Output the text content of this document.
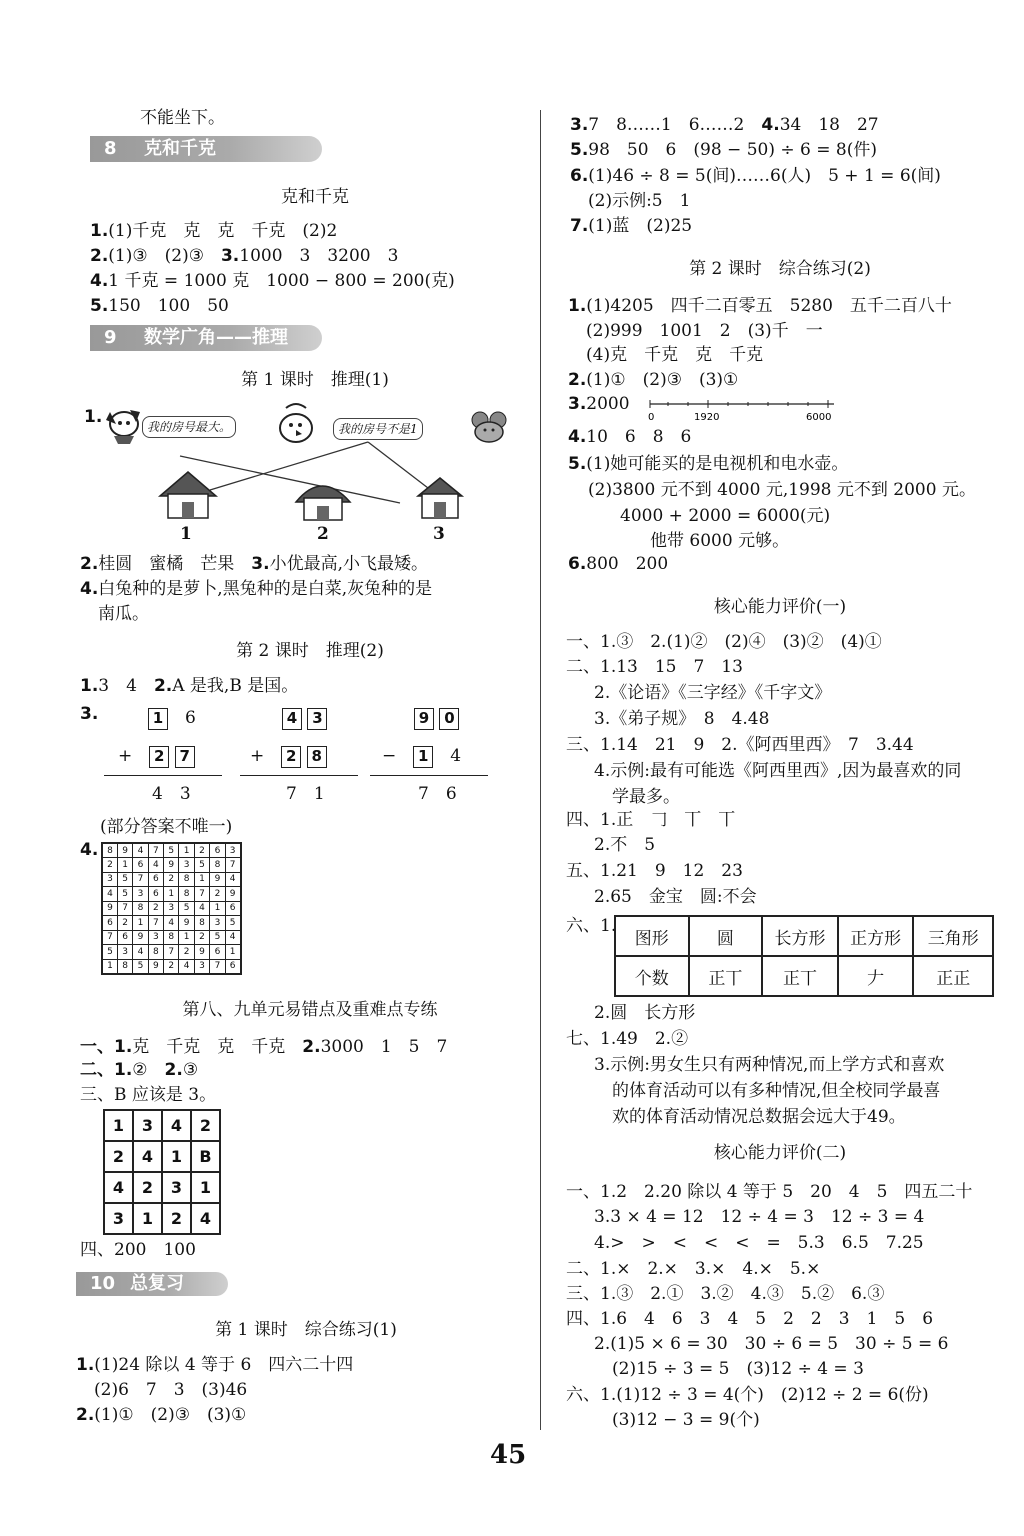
不能坐下。
8 克和千克
克和千克
1.(1)千克　克　克　千克　(2)2
2.(1)③　(2)③　 3.1000　3　3200　3
4.1 千克 = 1000 克　1000 − 800 = 200(克)
5.150　100　50
9 数学广角——推理
第 1 课时　推理(1)
1.	我的房号最大。	我的房号不是1
1	2	3
2.桂圆　蜜橘　芒果　 3.小优最高,小飞最矮。
4.白兔种的是萝卜,黑兔种的是白菜,灰兔种的是
南瓜。
第 2 课时　推理(2)
1.3　4　 2.A 是我,B 是国。
3.	1　 6
+　 2 7
4　3
4 3
+　 2 8
7　1
9 0
−　 1　 4
7　6
(部分答案不唯一)
4. 8	9	4	7	5	1	2	6	3
2	1	6	4	9	3	5	8	7
3	5	7	6	2	8	1	9	4
4	5	3	6	1	8	7	2	9
9	7	8	2	3	5	4	1	6
6	2	1	7	4	9	8	3	5
7	6	9	3	8	1	2	5	4
5	3	4	8	7	2	9	6	1
1	8	5	9	2	4	3	7	6
第八、九单元易错点及重难点专练
一、1.克　千克　克　千克　 2.3000　1　5　7
二、1.②　 2.③
三、B 应该是 3。
1	3	4	2
2	4	1	B
4	2	3	1
3	1	2	4
四、200　100
10 总复习
第 1 课时　综合练习(1)
1.(1)24 除以 4 等于 6　四六二十四
(2)6　7　3　(3)46
2.(1)①　(2)③　(3)①
3.7　8……1　6……2　 4.34　18　27
5.98　50　6　(98 − 50) ÷ 6 = 8(件)
6.(1)46 ÷ 8 = 5(间)……6(人)　5 + 1 = 6(间)
(2)示例:5　1
7.(1)蓝　(2)25
第 2 课时　综合练习(2)
1.(1)4205　四千二百零五　5280　五千二百八十
(2)999　1001　2　(3)千　一
(4)克　千克　克　千克
2.(1)①　(2)③　(3)①
3.2000
0	1920	6000
4.10　6　8　6
5.(1)她可能买的是电视机和电水壶。
(2)3800 元不到 4000 元,1998 元不到 2000 元。
4000 + 2000 = 6000(元)
他带 6000 元够。
6.800　200
核心能力评价(一)
一、1.③　2.(1)②　(2)④　(3)②　(4)①
二、1.13　15　7　13
2.《论语》《三字经》《千字文》
3.《弟子规》　8　4.48
三、1.14　21　9　2.《阿西里西》　7　3.44
4.示例:最有可能选《阿西里西》,因为最喜欢的同
学最多。
四、1.正　𠃌　丅　丅
2.不　5
五、1.21　9　12　23
2.65　金宝　圆:不会
六、1.
图形	圆	长方形	正方形	三角形
个数	正丅	正丅	𠂇	正正
2.圆　长方形
七、1.49　2.②
3.示例:男女生只有两种情况,而上学方式和喜欢
的体育活动可以有多种情况,但全校同学最喜
欢的体育活动情况总数据会远大于49。
核心能力评价(二)
一、1.2　2.20 除以 4 等于 5　20　4　5　四五二十
3.3 × 4 = 12　12 ÷ 4 = 3　12 ÷ 3 = 4
4.>　>　<　<　<　=　5.3　6.5　7.25
二、1.×　2.×　3.×　4.×　5.×
三、1.③　2.①　3.②　4.③　5.②　6.③
四、1.6　4　6　3　4　5　2　2　3　1　5　6
2.(1)5 × 6 = 30　30 ÷ 6 = 5　30 ÷ 5 = 6
(2)15 ÷ 3 = 5　(3)12 ÷ 4 = 3
六、1.(1)12 ÷ 3 = 4(个)　(2)12 ÷ 2 = 6(份)
(3)12 − 3 = 9(个)
45
